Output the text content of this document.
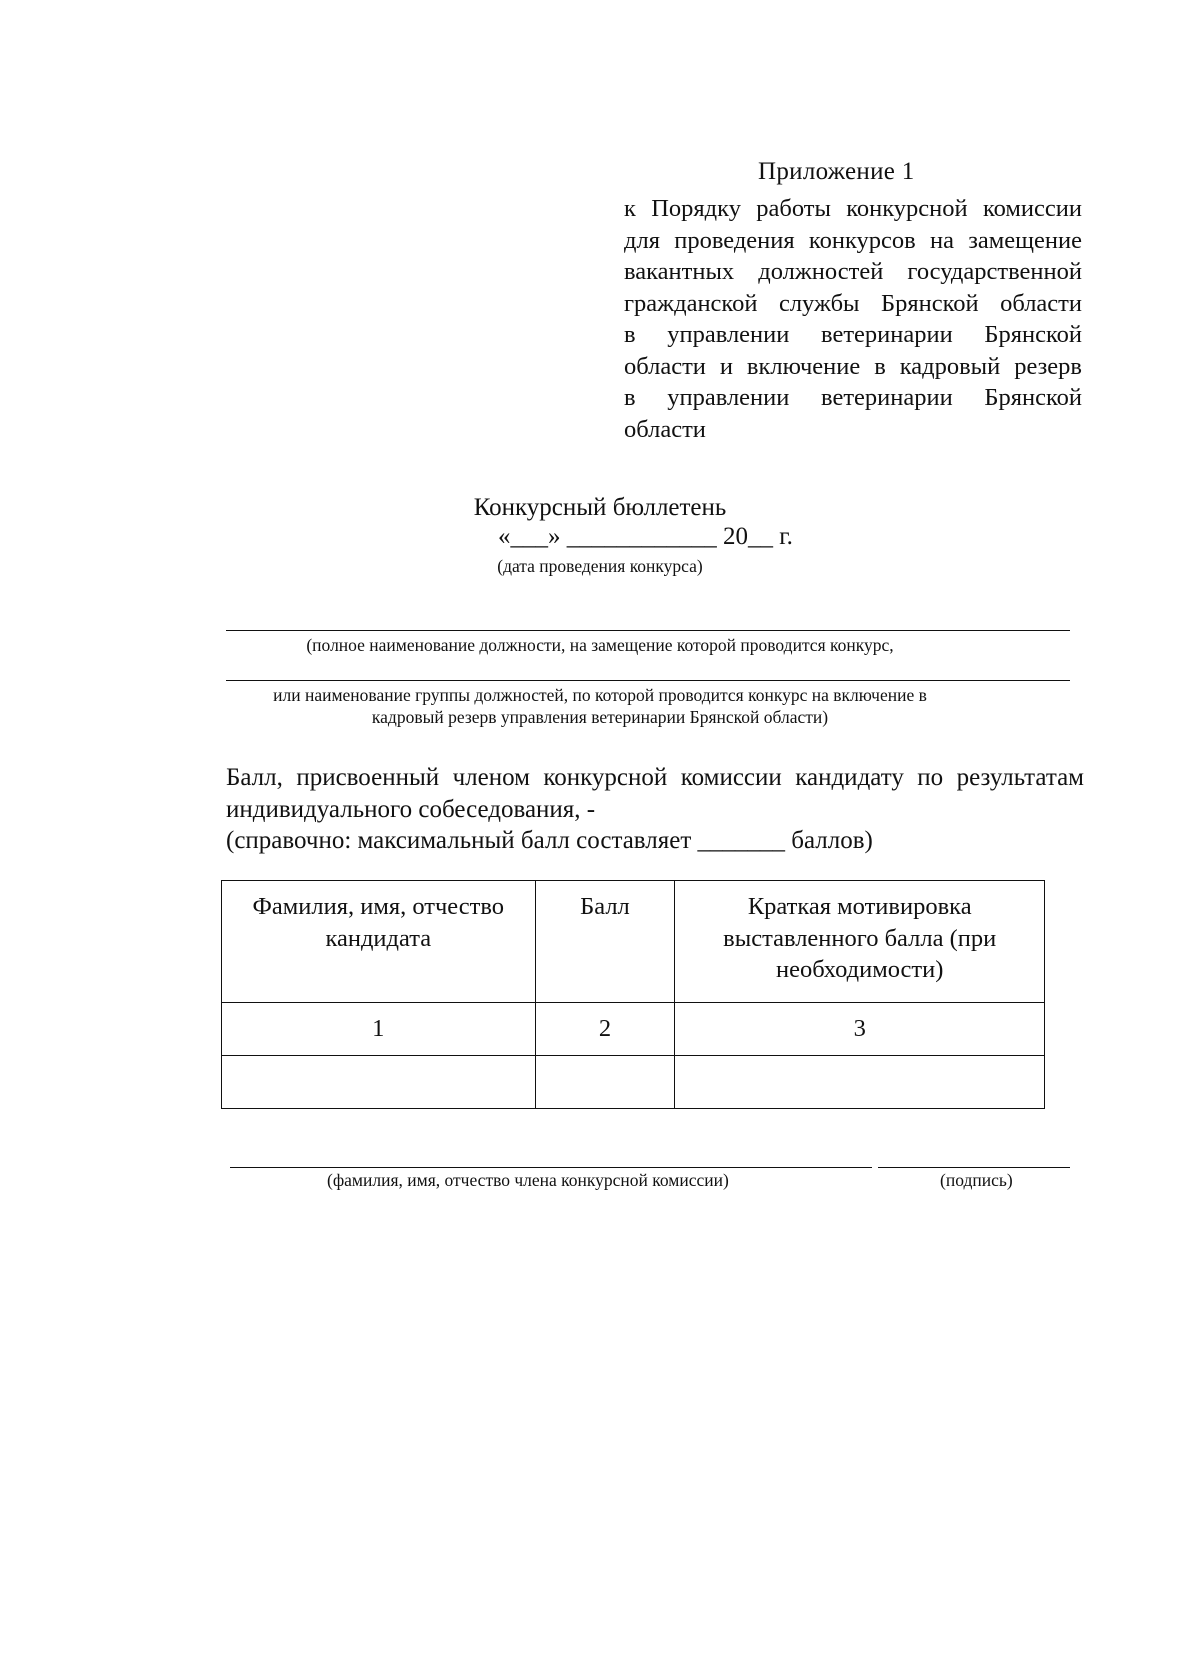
Приложение 1
к Порядку работы конкурсной комиссии
для проведения конкурсов на замещение
вакантных должностей государственной
гражданской службы Брянской области
в управлении ветеринарии Брянской
области и включение в кадровый резерв
в управлении ветеринарии Брянской
области
Конкурсный бюллетень
«___» ____________ 20__ г.
(дата проведения конкурса)
(полное наименование должности, на замещение которой проводится конкурс,
или наименование группы должностей, по которой проводится конкурс на включение в
кадровый резерв управления ветеринарии Брянской области)
Балл, присвоенный членом конкурсной комиссии кандидату по результатам
индивидуального собеседования, -
(справочно: максимальный балл составляет _______ баллов)
Фамилия, имя, отчество кандидата	Балл	Краткая мотивировка выставленного балла (при необходимости)

1	2	3

(фамилия, имя, отчество члена конкурсной комиссии)	(подпись)
